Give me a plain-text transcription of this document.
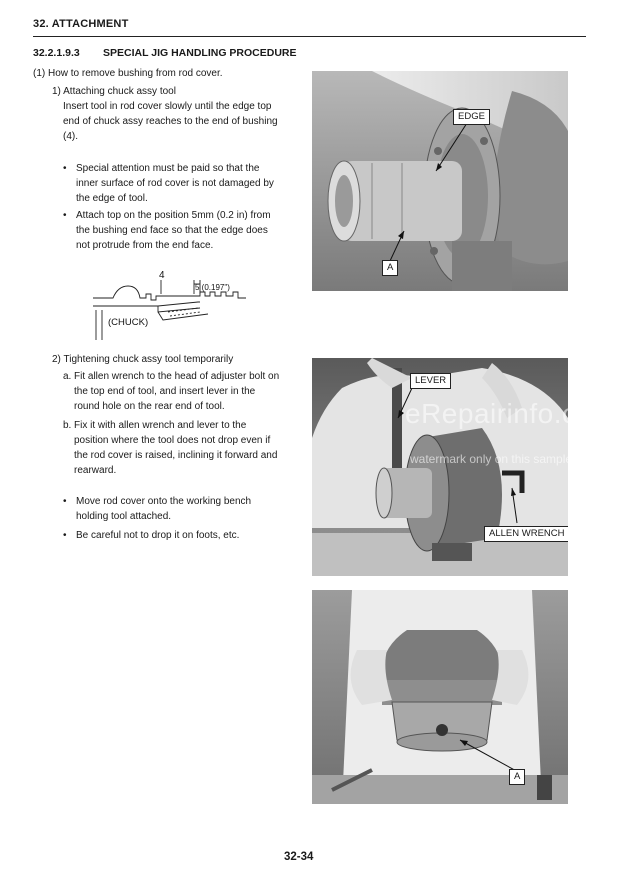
32. ATTACHMENT
32.2.1.9.3 SPECIAL JIG HANDLING PROCEDURE
(1) How to remove bushing from rod cover.
1) Attaching chuck assy tool
Insert tool in rod cover slowly until the edge top
end of chuck assy reaches to the end of bushing
(4).
• Special attention must be paid so that the
inner surface of rod cover is not damaged by
the edge of tool.
• Attach top on the position 5mm (0.2 in) from
the bushing end face so that the edge does
not protrude from the end face.
4
5 (0.197")
(CHUCK)
2) Tightening chuck assy tool temporarily
a. Fit allen wrench to the head of adjuster bolt on
the top end of tool, and insert lever in the
round hole on the rear end of tool.
b. Fix it with allen wrench and lever to the
position where the tool does not drop even if
the rod cover is raised, inclining it forward and
rearward.
• Move rod cover onto the working bench
holding tool attached.
• Be careful not to drop it on foots, etc.
EDGE
A
LEVER
ALLEN WRENCH
eRepairinfo.com
watermark only on this sample
A
32-34
